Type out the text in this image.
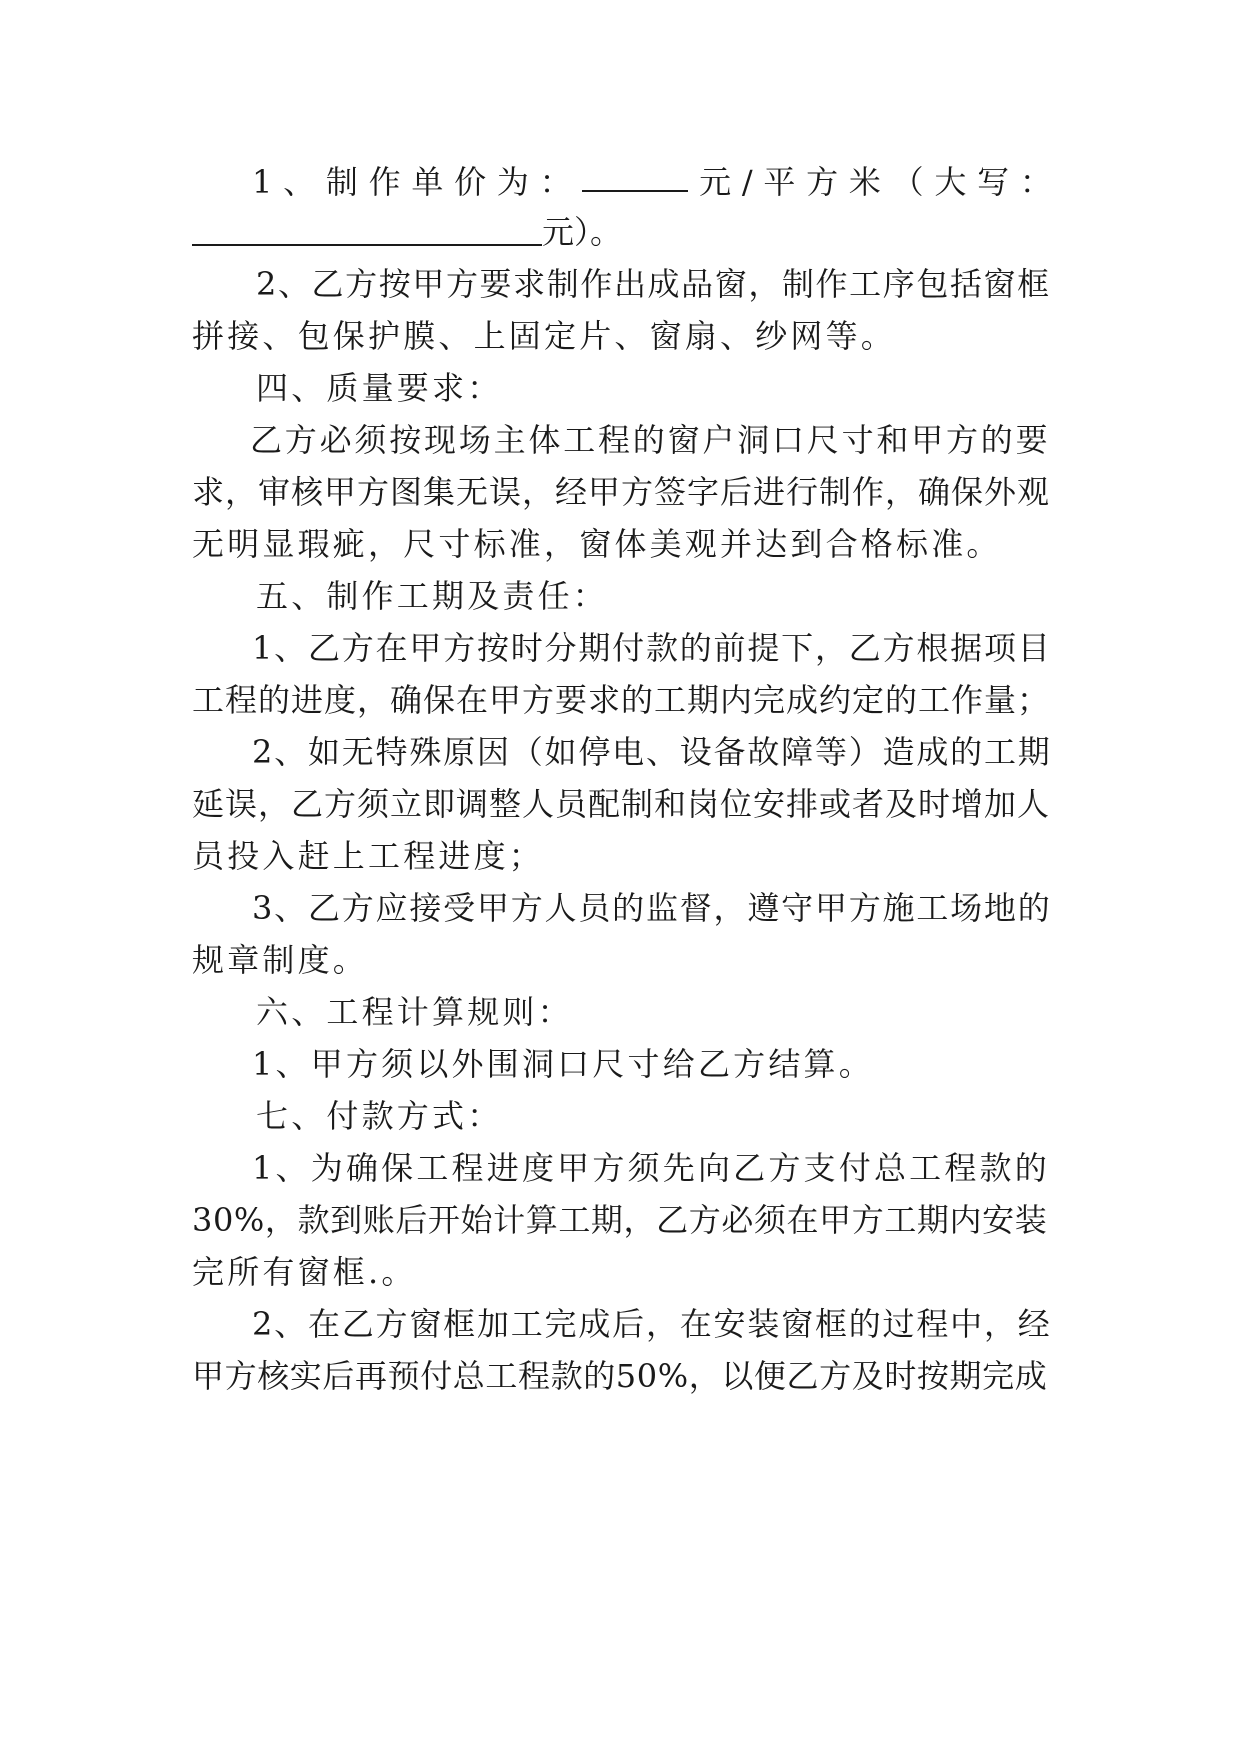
1 、 制 作 单 价 为 ：	元 / 平 方 米 （ 大 写 ：
元）。
2、乙方按甲方要求制作出成品窗，制作工序包括窗框
拼接、包保护膜、上固定片、窗扇、纱网等。
四、质量要求：
乙方必须按现场主体工程的窗户洞口尺寸和甲方的要
求，审核甲方图集无误，经甲方签字后进行制作，确保外观
无明显瑕疵，尺寸标准，窗体美观并达到合格标准。
五、制作工期及责任：
1、乙方在甲方按时分期付款的前提下，乙方根据项目
工程的进度，确保在甲方要求的工期内完成约定的工作量；
2、如无特殊原因（如停电、设备故障等）造成的工期
延误，乙方须立即调整人员配制和岗位安排或者及时增加人
员投入赶上工程进度；
3、乙方应接受甲方人员的监督，遵守甲方施工场地的
规章制度。
六、工程计算规则：
1、甲方须以外围洞口尺寸给乙方结算。
七、付款方式：
1、为确保工程进度甲方须先向乙方支付总工程款的
30%，款到账后开始计算工期，乙方必须在甲方工期内安装
完所有窗框.。
2、在乙方窗框加工完成后，在安装窗框的过程中，经
甲方核实后再预付总工程款的50%，以便乙方及时按期完成
